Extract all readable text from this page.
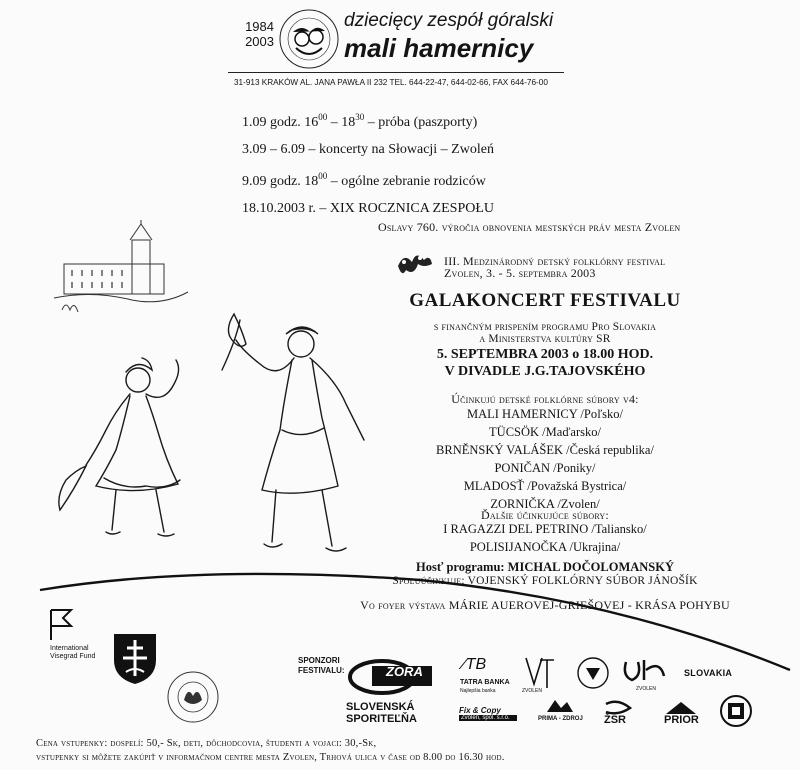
1984
2003
dziecięcy zespół góralski
mali hamernicy
31-913 KRAKÓW AL. JANA PAWŁA II 232 TEL. 644-22-47, 644-02-66, FAX 644-76-00
1.09 godz. $16^{00} - 18^{30}$ – próba (paszporty)
3.09 – 6.09 – koncerty na Słowacji – Zwoleń
9.09 godz. $18^{00}$ – ogólne zebranie rodziców
18.10.2003 r. – XIX ROCZNICA ZESPOŁU
Oslavy 760. výročia obnovenia mestských práv mesta Zvolen
III. Medzinárodný detský folklórny festival
Zvolen, 3. - 5. septembra 2003
GALAKONCERT FESTIVALU
s finančným prispením programu Pro Slovakia
a Ministerstva kultúry SR
5. SEPTEMBRA 2003 o 18.00 HOD.
V DIVADLE J.G.TAJOVSKÉHO
Účinkujú detské folklórne súbory v4:
MALI HAMERNICY /Poľsko/
TÜCSÖK /Maďarsko/
BRNĚNSKÝ VALÁŠEK /Česká republika/
PONIČAN /Poniky/
MLADOSŤ /Považská Bystrica/
ZORNIČKA /Zvolen/
Ďalšie účinkujúce súbory:
I RAGAZZI DEL PETRINO /Taliansko/
POLISIJANOČKA /Ukrajina/
Hosť programu: MICHAL DOČOLOMANSKÝ
Spoluúčinkuje: VOJENSKÝ FOLKLÓRNY SÚBOR JÁNOŠÍK
Vo foyer výstava MÁRIE AUEROVEJ-GRIEŠOVEJ - KRÁSA POHYBU
International
Visegrad Fund	SPONZORI
FESTIVALU:	ZORA	⁄TB
TATRA BANKA
Najlepšia banka	ZVOLEN	ZVOLEN
SLOVAKIA
SLOVENSKÁ
SPORITEĽŇA
Fix & Copy
Zvolen, spol. s.r.o.	PRIMA - ZDROJ ŽSR	PRIOR
Cena vstupenky: dospelí: 50,- Sk, deti, dôchodcovia, študenti a vojaci: 30,-Sk,
vstupenky si môžete zakúpiť v informačnom centre mesta Zvolen, Trhová ulica v čase od 8.00 do 16.30 hod.
